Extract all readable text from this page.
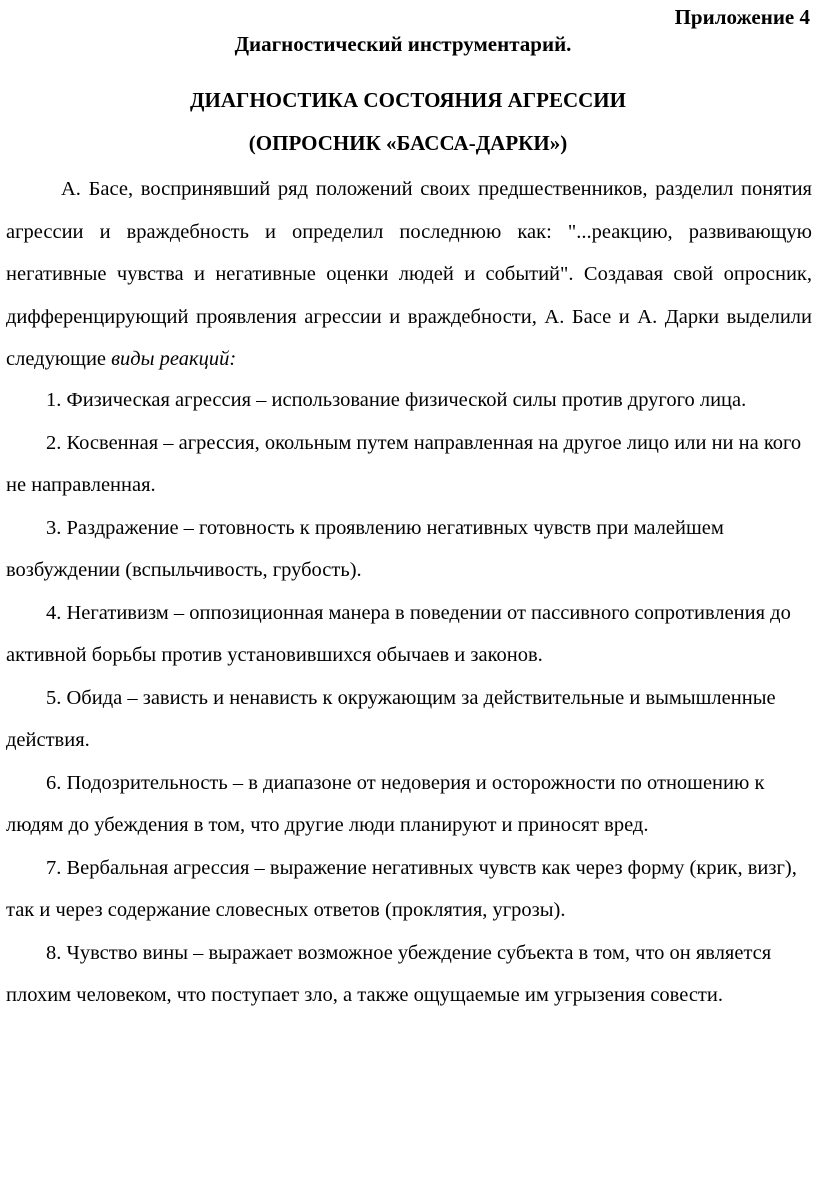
Приложение 4
Диагностический инструментарий.
ДИАГНОСТИКА СОСТОЯНИЯ АГРЕССИИ
(ОПРОСНИК «БАССА-ДАРКИ»)

А. Басе, воспринявший ряд положений своих предшественников, разделил понятия агрессии и враждебность и определил последнюю как: "...реакцию, развивающую негативные чувства и негативные оценки людей и событий". Создавая свой опросник, дифференцирующий проявления агрессии и враждебности, А. Басе и А. Дарки выделили следующие виды реакций:

1. Физическая агрессия – использование физической силы против другого лица.

2. Косвенная – агрессия, окольным путем направленная на другое лицо или ни на кого не направленная.

3. Раздражение – готовность к проявлению негативных чувств при малейшем возбуждении (вспыльчивость, грубость).

4. Негативизм – оппозиционная манера в поведении от пассивного сопротивления до активной борьбы против установившихся обычаев и законов.

5. Обида – зависть и ненависть к окружающим за действительные и вымышленные действия.

6. Подозрительность – в диапазоне от недоверия и осторожности по отношению к людям до убеждения в том, что другие люди планируют и приносят вред.

7. Вербальная агрессия – выражение негативных чувств как через форму (крик, визг), так и через содержание словесных ответов (проклятия, угрозы).

8. Чувство вины – выражает возможное убеждение субъекта в том, что он является плохим человеком, что поступает зло, а также ощущаемые им угрызения совести.
